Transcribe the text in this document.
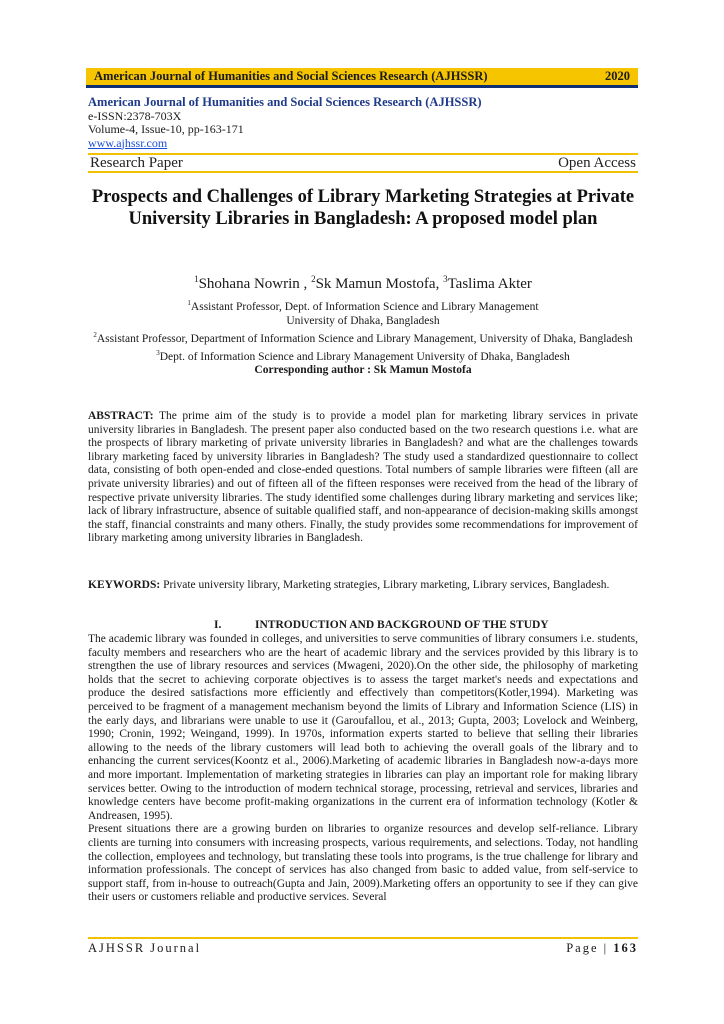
American Journal of Humanities and Social Sciences Research (AJHSSR)	2020
American Journal of Humanities and Social Sciences Research (AJHSSR)
e-ISSN:2378-703X
Volume-4, Issue-10, pp-163-171
www.ajhssr.com
Research Paper	Open Access
Prospects and Challenges of Library Marketing Strategies at Private University Libraries in Bangladesh: A proposed model plan
$^1$Shohana Nowrin , $^2$Sk Mamun Mostofa, $^3$Taslima Akter
$^1$Assistant Professor, Dept. of Information Science and Library Management
University of Dhaka, Bangladesh
$^2$Assistant Professor, Department of Information Science and Library Management, University of Dhaka, Bangladesh
$^3$Dept. of Information Science and Library Management University of Dhaka, Bangladesh
Corresponding author : Sk Mamun Mostofa
ABSTRACT: The prime aim of the study is to provide a model plan for marketing library services in private university libraries in Bangladesh. The present paper also conducted based on the two research questions i.e. what are the prospects of library marketing of private university libraries in Bangladesh? and what are the challenges towards library marketing faced by university libraries in Bangladesh? The study used a standardized questionnaire to collect data, consisting of both open-ended and close-ended questions. Total numbers of sample libraries were fifteen (all are private university libraries) and out of fifteen all of the fifteen responses were received from the head of the library of respective private university libraries. The study identified some challenges during library marketing and services like; lack of library infrastructure, absence of suitable qualified staff, and non-appearance of decision-making skills amongst the staff, financial constraints and many others. Finally, the study provides some recommendations for improvement of library marketing among university libraries in Bangladesh.
KEYWORDS: Private university library, Marketing strategies, Library marketing, Library services, Bangladesh.
I.	INTRODUCTION AND BACKGROUND OF THE STUDY

The academic library was founded in colleges, and universities to serve communities of library consumers i.e. students, faculty members and researchers who are the heart of academic library and the services provided by this library is to strengthen the use of library resources and services (Mwageni, 2020).On the other side, the philosophy of marketing holds that the secret to achieving corporate objectives is to assess the target market's needs and expectations and produce the desired satisfactions more efficiently and effectively than competitors(Kotler,1994). Marketing was perceived to be fragment of a management mechanism beyond the limits of Library and Information Science (LIS) in the early days, and librarians were unable to use it (Garoufallou, et al., 2013; Gupta, 2003; Lovelock and Weinberg, 1990; Cronin, 1992; Weingand, 1999). In 1970s, information experts started to believe that selling their libraries allowing to the needs of the library customers will lead both to achieving the overall goals of the library and to enhancing the current services(Koontz et al., 2006).Marketing of academic libraries in Bangladesh now-a-days more and more important. Implementation of marketing strategies in libraries can play an important role for making library services better. Owing to the introduction of modern technical storage, processing, retrieval and services, libraries and knowledge centers have become profit-making organizations in the current era of information technology (Kotler & Andreasen, 1995).

Present situations there are a growing burden on libraries to organize resources and develop self-reliance. Library clients are turning into consumers with increasing prospects, various requirements, and selections. Today, not handling the collection, employees and technology, but translating these tools into programs, is the true challenge for library and information professionals. The concept of services has also changed from basic to added value, from self-service to support staff, from in-house to outreach(Gupta and Jain, 2009).Marketing offers an opportunity to see if they can give their users or customers reliable and productive services. Several

AJHSSR Journal	Page | 163
